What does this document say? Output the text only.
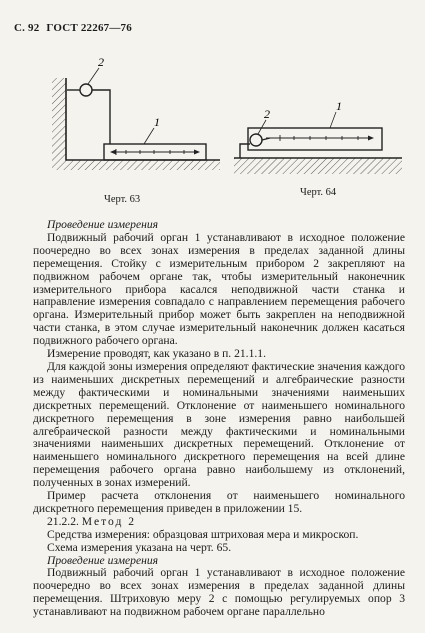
С. 92 ГОСТ 22267—76
2
1
Черт. 63
2
1
Черт. 64

Проведение измерения

Подвижный рабочий орган 1 устанавливают в исходное положение поочередно во всех зонах измерения в пределах заданной длины перемещения. Стойку с измерительным прибором 2 закрепляют на подвижном рабочем органе так, чтобы измерительный наконечник измерительного прибора касался неподвижной части станка и направление измерения совпадало с направлением перемещения рабочего органа. Измерительный прибор может быть закреплен на неподвижной части станка, в этом случае измерительный наконечник должен касаться подвижного рабочего органа.

Измерение проводят, как указано в п. 21.1.1.

Для каждой зоны измерения определяют фактические значения каждого из наименьших дискретных перемещений и алгебраические разности между фактическими и номинальными значениями наименьших дискретных перемещений. Отклонение от наименьшего номинального дискретного перемещения в зоне измерения равно наибольшей алгебраической разности между фактическими и номинальными значениями наименьших дискретных перемещений. Отклонение от наименьшего номинального дискретного перемещения на всей длине перемещения рабочего органа равно наибольшему из отклонений, полученных в зонах измерений.

Пример расчета отклонения от наименьшего номинального дискретного перемещения приведен в приложении 15.

21.2.2. Метод 2

Средства измерения: образцовая штриховая мера и микроскоп.

Схема измерения указана на черт. 65.

Проведение измерения

Подвижный рабочий орган 1 устанавливают в исходное положение поочередно во всех зонах измерения в пределах заданной длины перемещения. Штриховую меру 2 с помощью регулируемых опор 3 устанавливают на подвижном рабочем органе параллельно
